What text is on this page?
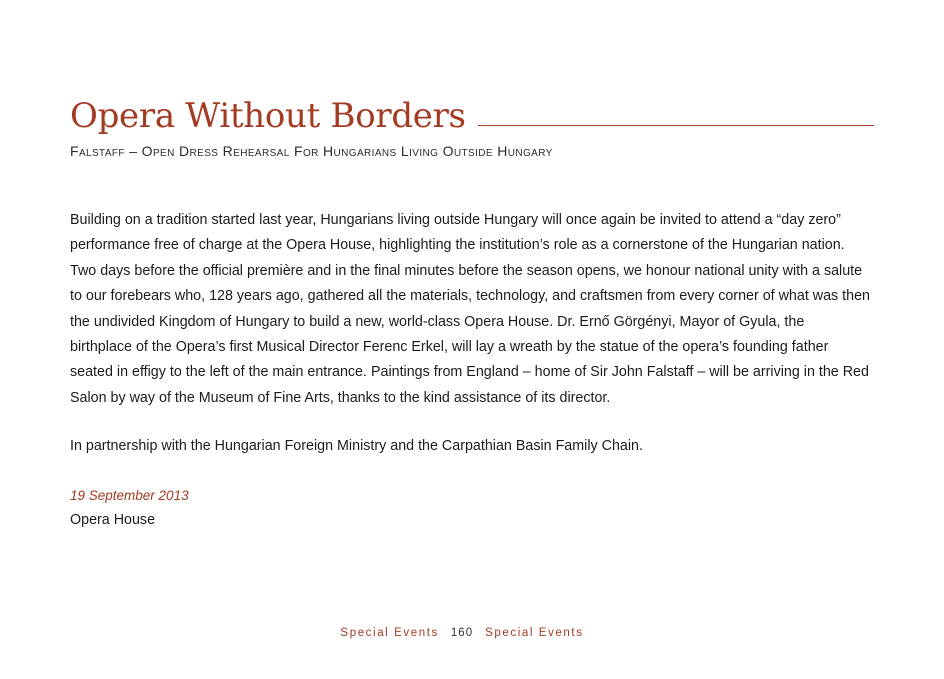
Opera Without Borders
Falstaff – Open Dress Rehearsal For Hungarians Living Outside Hungary

Building on a tradition started last year, Hungarians living outside Hungary will once again be invited to attend a “day zero” performance free of charge at the Opera House, highlighting the institution’s role as a cornerstone of the Hungarian nation. Two days before the official première and in the final minutes before the season opens, we honour national unity with a salute to our forebears who, 128 years ago, gathered all the materials, technology, and craftsmen from every corner of what was then the undivided Kingdom of Hungary to build a new, world-class Opera House. Dr. Ernő Görgényi, Mayor of Gyula, the birthplace of the Opera’s first Musical Director Ferenc Erkel, will lay a wreath by the statue of the opera’s founding father seated in effigy to the left of the main entrance. Paintings from England – home of Sir John Falstaff – will be arriving in the Red Salon by way of the Museum of Fine Arts, thanks to the kind assistance of its director.

In partnership with the Hungarian Foreign Ministry and the Carpathian Basin Family Chain.
19 September 2013
Opera House
Special Events 160 Special Events
